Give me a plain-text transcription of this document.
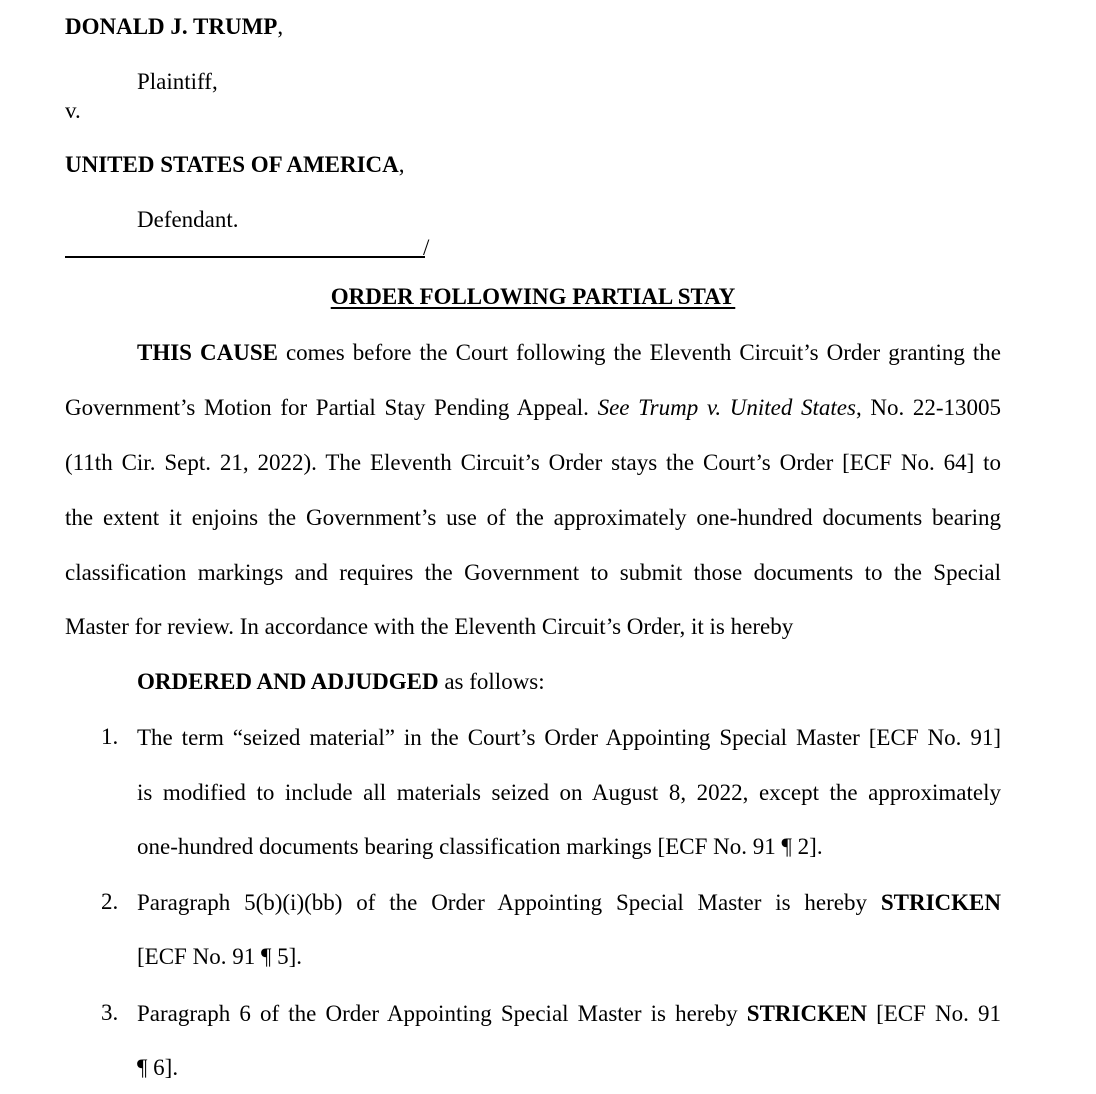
DONALD J. TRUMP,
Plaintiff,
v.
UNITED STATES OF AMERICA,
Defendant.
/
ORDER FOLLOWING PARTIAL STAY
THIS CAUSE comes before the Court following the Eleventh Circuit’s Order granting the
Government’s Motion for Partial Stay Pending Appeal. See Trump v. United States, No. 22-13005
(11th Cir. Sept. 21, 2022). The Eleventh Circuit’s Order stays the Court’s Order [ECF No. 64] to
the extent it enjoins the Government’s use of the approximately one-hundred documents bearing
classification markings and requires the Government to submit those documents to the Special
Master for review. In accordance with the Eleventh Circuit’s Order, it is hereby
ORDERED AND ADJUDGED as follows:
1. The term “seized material” in the Court’s Order Appointing Special Master [ECF No. 91]
is modified to include all materials seized on August 8, 2022, except the approximately
one-hundred documents bearing classification markings [ECF No. 91 ¶ 2].
2. Paragraph 5(b)(i)(bb) of the Order Appointing Special Master is hereby STRICKEN
[ECF No. 91 ¶ 5].
3. Paragraph 6 of the Order Appointing Special Master is hereby STRICKEN [ECF No. 91
¶ 6].
